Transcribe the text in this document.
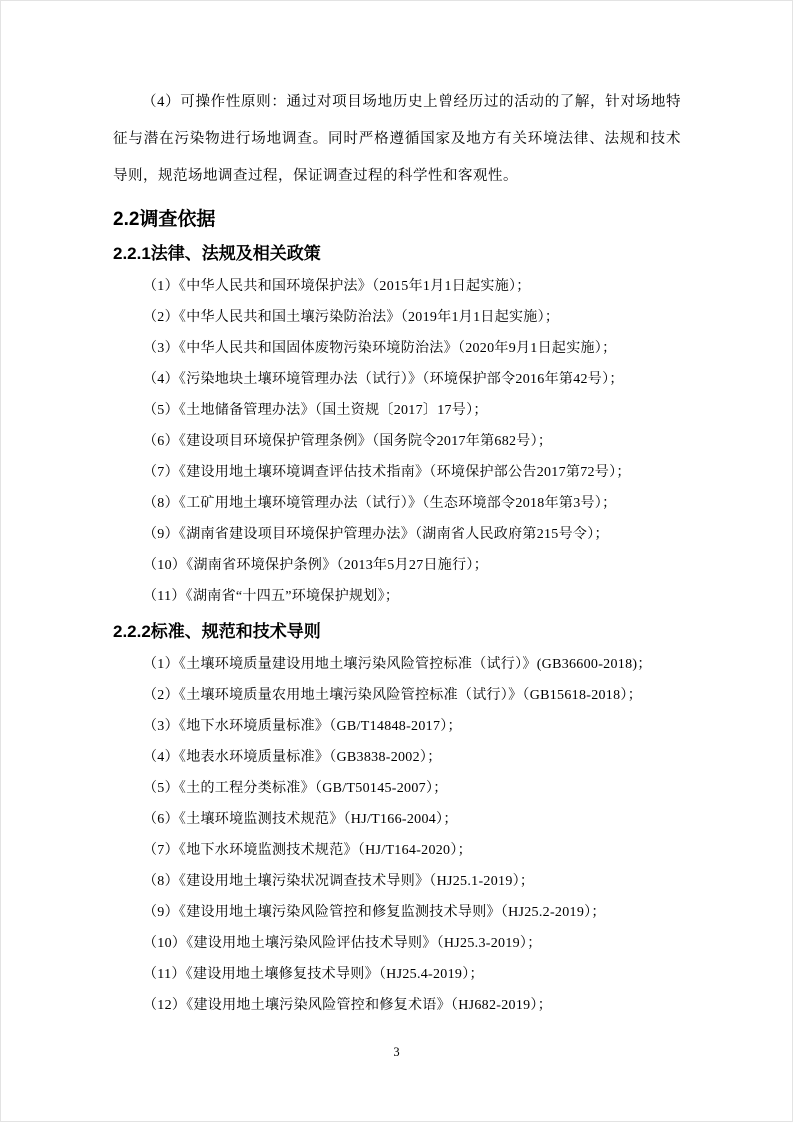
（4）可操作性原则：通过对项目场地历史上曾经历过的活动的了解，针对场地特征与潜在污染物进行场地调查。同时严格遵循国家及地方有关环境法律、法规和技术导则，规范场地调查过程，保证调查过程的科学性和客观性。

2.2调查依据
2.2.1法律、法规及相关政策

（1）《中华人民共和国环境保护法》（2015年1月1日起实施）；

（2）《中华人民共和国土壤污染防治法》（2019年1月1日起实施）；

（3）《中华人民共和国固体废物污染环境防治法》（2020年9月1日起实施）；

（4）《污染地块土壤环境管理办法（试行）》（环境保护部令2016年第42号）；

（5）《土地储备管理办法》（国土资规〔2017〕17号）；

（6）《建设项目环境保护管理条例》（国务院令2017年第682号）；

（7）《建设用地土壤环境调查评估技术指南》（环境保护部公告2017第72号）；

（8）《工矿用地土壤环境管理办法（试行）》（生态环境部令2018年第3号）；

（9）《湖南省建设项目环境保护管理办法》（湖南省人民政府第215号令）；

（10）《湖南省环境保护条例》（2013年5月27日施行）；

（11）《湖南省“十四五”环境保护规划》；

2.2.2标准、规范和技术导则

（1）《土壤环境质量建设用地土壤污染风险管控标准（试行）》(GB36600-2018)；

（2）《土壤环境质量农用地土壤污染风险管控标准（试行）》（GB15618-2018）；

（3）《地下水环境质量标准》（GB/T14848-2017）；

（4）《地表水环境质量标准》（GB3838-2002）；

（5）《土的工程分类标准》（GB/T50145-2007）；

（6）《土壤环境监测技术规范》（HJ/T166-2004）；

（7）《地下水环境监测技术规范》（HJ/T164-2020）；

（8）《建设用地土壤污染状况调查技术导则》（HJ25.1-2019）；

（9）《建设用地土壤污染风险管控和修复监测技术导则》（HJ25.2-2019）；

（10）《建设用地土壤污染风险评估技术导则》（HJ25.3-2019）；

（11）《建设用地土壤修复技术导则》（HJ25.4-2019）；

（12）《建设用地土壤污染风险管控和修复术语》（HJ682-2019）；

3
